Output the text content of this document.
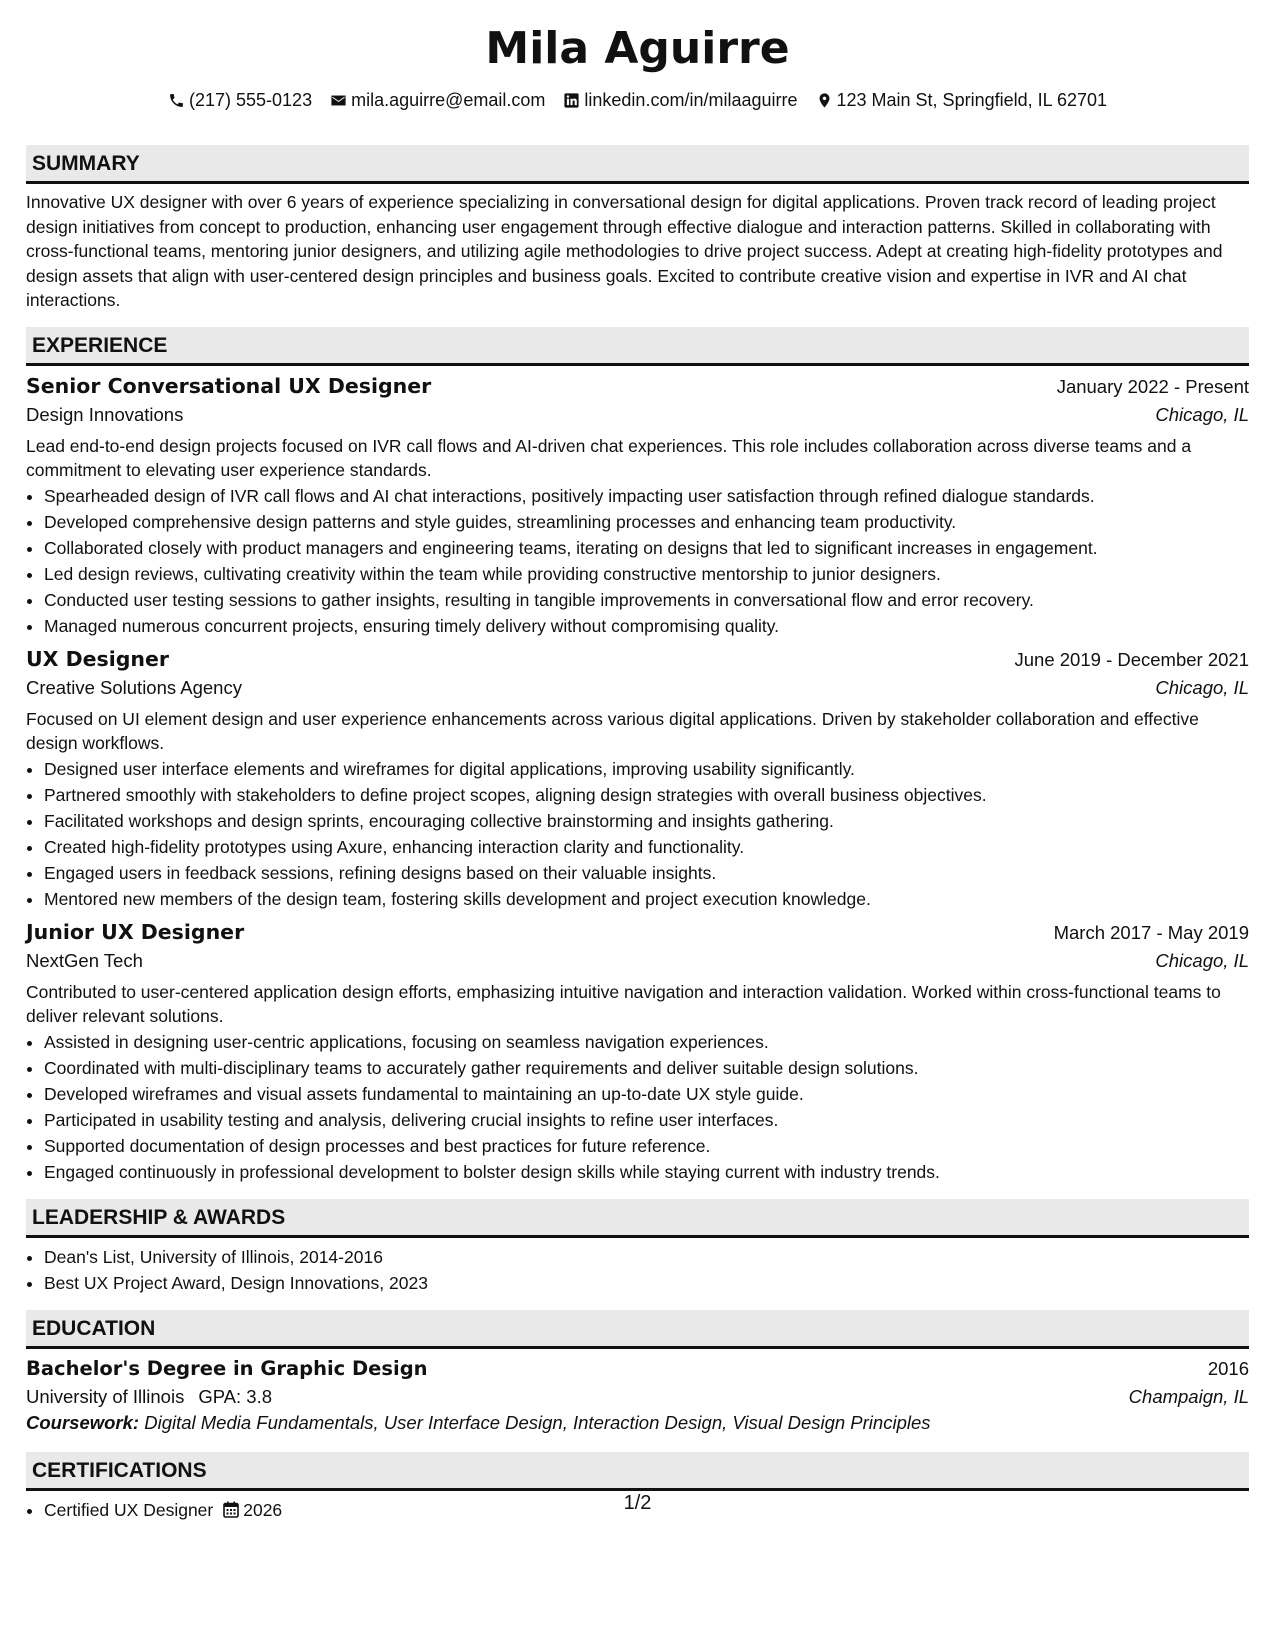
Mila Aguirre
(217) 555-0123 mila.aguirre@email.com linkedin.com/in/milaaguirre 123 Main St, Springfield, IL 62701
SUMMARY

Innovative UX designer with over 6 years of experience specializing in conversational design for digital applications. Proven track record of leading project design initiatives from concept to production, enhancing user engagement through effective dialogue and interaction patterns. Skilled in collaborating with cross-functional teams, mentoring junior designers, and utilizing agile methodologies to drive project success. Adept at creating high-fidelity prototypes and design assets that align with user-centered design principles and business goals. Excited to contribute creative vision and expertise in IVR and AI chat interactions.

EXPERIENCE
Senior Conversational UX Designer	January 2022 - Present
Design Innovations	Chicago, IL

Lead end-to-end design projects focused on IVR call flows and AI-driven chat experiences. This role includes collaboration across diverse teams and a commitment to elevating user experience standards.

• Spearheaded design of IVR call flows and AI chat interactions, positively impacting user satisfaction through refined dialogue standards.
• Developed comprehensive design patterns and style guides, streamlining processes and enhancing team productivity.
• Collaborated closely with product managers and engineering teams, iterating on designs that led to significant increases in engagement.
• Led design reviews, cultivating creativity within the team while providing constructive mentorship to junior designers.
• Conducted user testing sessions to gather insights, resulting in tangible improvements in conversational flow and error recovery.
• Managed numerous concurrent projects, ensuring timely delivery without compromising quality.
UX Designer	June 2019 - December 2021
Creative Solutions Agency	Chicago, IL

Focused on UI element design and user experience enhancements across various digital applications. Driven by stakeholder collaboration and effective design workflows.

• Designed user interface elements and wireframes for digital applications, improving usability significantly.
• Partnered smoothly with stakeholders to define project scopes, aligning design strategies with overall business objectives.
• Facilitated workshops and design sprints, encouraging collective brainstorming and insights gathering.
• Created high-fidelity prototypes using Axure, enhancing interaction clarity and functionality.
• Engaged users in feedback sessions, refining designs based on their valuable insights.
• Mentored new members of the design team, fostering skills development and project execution knowledge.
Junior UX Designer	March 2017 - May 2019
NextGen Tech	Chicago, IL

Contributed to user-centered application design efforts, emphasizing intuitive navigation and interaction validation. Worked within cross-functional teams to deliver relevant solutions.

• Assisted in designing user-centric applications, focusing on seamless navigation experiences.
• Coordinated with multi-disciplinary teams to accurately gather requirements and deliver suitable design solutions.
• Developed wireframes and visual assets fundamental to maintaining an up-to-date UX style guide.
• Participated in usability testing and analysis, delivering crucial insights to refine user interfaces.
• Supported documentation of design processes and best practices for future reference.
• Engaged continuously in professional development to bolster design skills while staying current with industry trends.
LEADERSHIP & AWARDS
• Dean's List, University of Illinois, 2014-2016
• Best UX Project Award, Design Innovations, 2023
EDUCATION
Bachelor's Degree in Graphic Design	2016
University of Illinois GPA: 3.8	Champaign, IL
Coursework: Digital Media Fundamentals, User Interface Design, Interaction Design, Visual Design Principles
CERTIFICATIONS
• Certified UX Designer 2026	1/2
